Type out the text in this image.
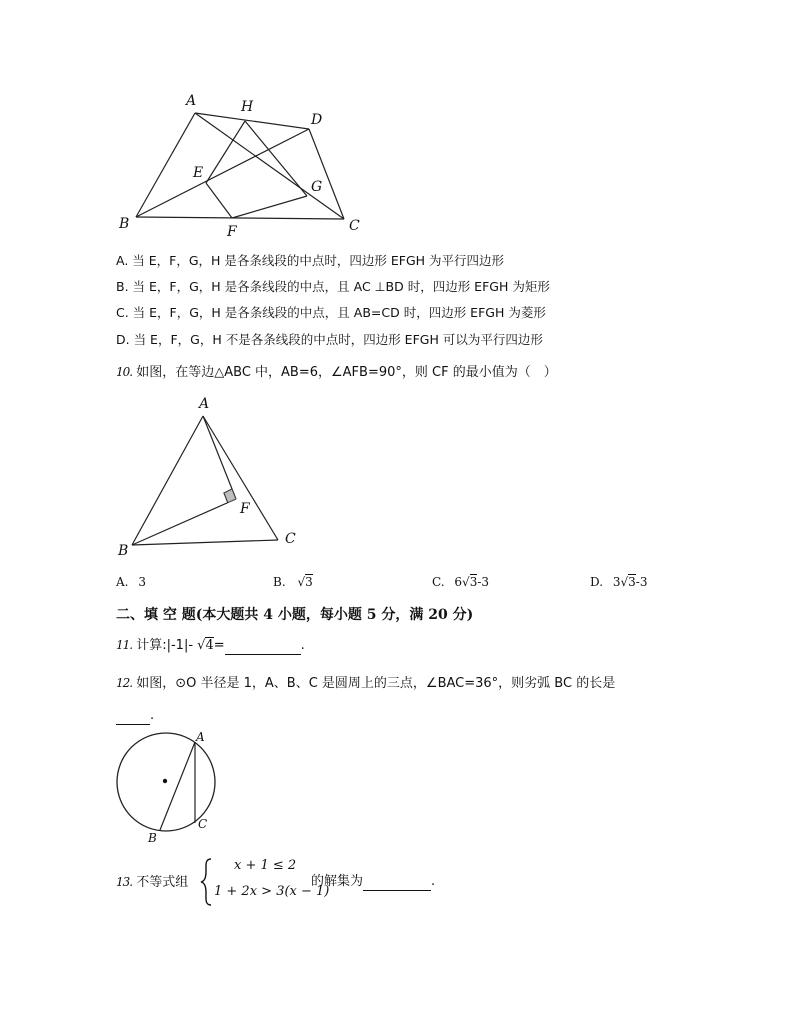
A	H
D
E
G
B	F	C
A. 当 E，F，G，H 是各条线段的中点时，四边形 EFGH 为平行四边形
B. 当 E，F，G，H 是各条线段的中点，且 AC ⊥BD 时，四边形 EFGH 为矩形
C. 当 E，F，G，H 是各条线段的中点，且 AB=CD 时，四边形 EFGH 为菱形
D. 当 E，F，G，H 不是各条线段的中点时，四边形 EFGH 可以为平行四边形
10. 如图，在等边△ABC 中，AB=6，∠AFB=90°，则 CF 的最小值为（　）
A
F
B
C
A. 3	B. √3	C. 6√3-3	D. 3√3-3
二、填 空 题(本大题共 4 小题，每小题 5 分，满 20 分)
11. 计算:|-1|- √4=	.
12. 如图，⊙O 半径是 1，A、B、C 是圆周上的三点，∠BAC=36°，则劣弧 BC 的长是
.
A
C
B
13. 不等式组
x + 1 ≤ 2
1 + 2x > 3(x − 1)
的解集为	.
